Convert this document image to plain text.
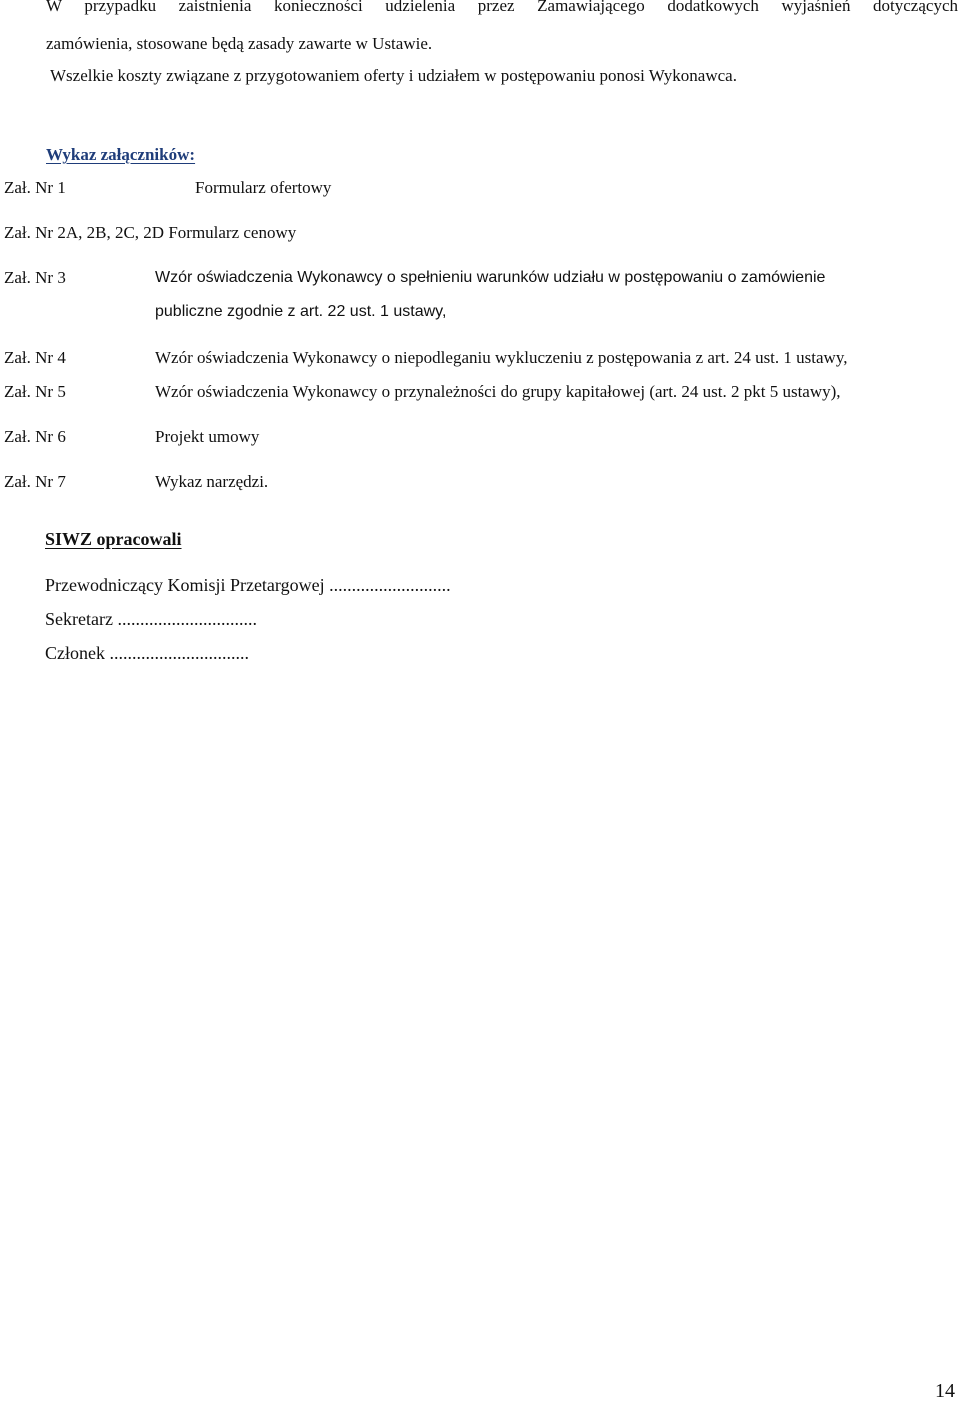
W przypadku zaistnienia konieczności udzielenia przez Zamawiającego dodatkowych wyjaśnień dotyczących
zamówienia, stosowane będą zasady zawarte w Ustawie.
Wszelkie koszty związane z przygotowaniem oferty i udziałem w postępowaniu ponosi Wykonawca.
Wykaz załączników:
Zał. Nr 1	Formularz ofertowy
Zał. Nr 2A, 2B, 2C, 2D Formularz cenowy
Zał. Nr 3	Wzór oświadczenia Wykonawcy o spełnieniu warunków udziału w postępowaniu o zamówienie
publiczne zgodnie z art. 22 ust. 1 ustawy,
Zał. Nr 4	Wzór oświadczenia Wykonawcy o niepodleganiu wykluczeniu z postępowania z art. 24 ust. 1 ustawy,
Zał. Nr 5	Wzór oświadczenia Wykonawcy o przynależności do grupy kapitałowej (art. 24 ust. 2 pkt 5 ustawy),
Zał. Nr 6	Projekt umowy
Zał. Nr 7	Wykaz narzędzi.
SIWZ opracowali
Przewodniczący Komisji Przetargowej ...........................
Sekretarz ...............................
Członek ...............................
14
